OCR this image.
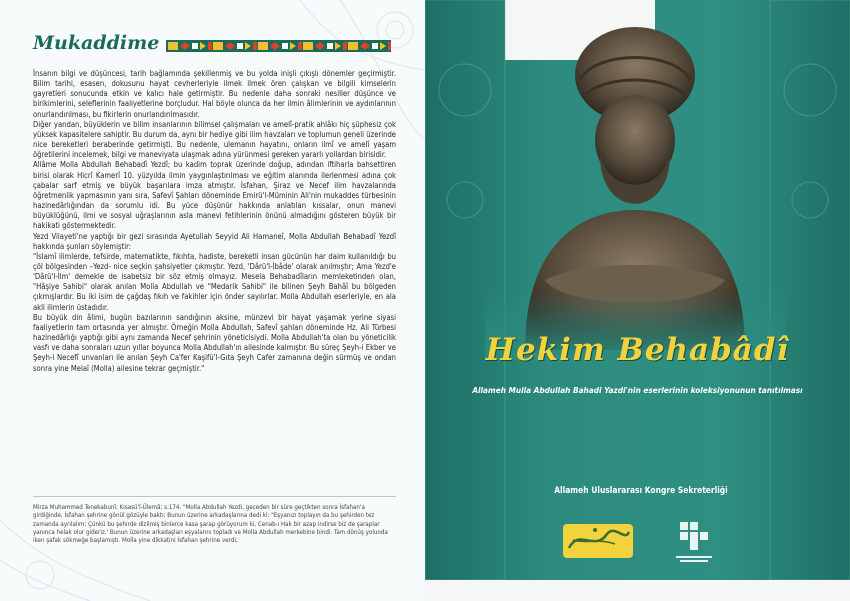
Mukaddime

İnsanın bilgi ve düşüncesi, tarih bağlamında şekillenmiş ve bu yolda inişli çıkışlı dönemler geçirmiştir. Bilim tarihi, esasen, dokusunu hayat cevherleriyle ilmek ilmek ören çalışkan ve bilgili kimselerin gayretleri sonucunda etkin ve kalıcı hale getirmiştir. Bu nedenle daha sonraki nesiller düşünce ve birikimlerini, seleflerinin faaliyetlerine borçludur. Hal böyle olunca da her ilmin âlimlerinin ve aydınlarının onurlandırılması, bu fikirlerin onurlandırılmasıdır.

Diğer yandan, büyüklerin ve bilim insanlarının bilimsel çalışmaları ve amelî-pratik ahlâkı hiç şüphesiz çok yüksek kapasitelere sahiptir. Bu durum da, aynı bir hediye gibi ilim havzaları ve toplumun geneli üzerinde nice bereketleri beraberinde getirmişti. Bu nedenle, ulemanın hayatını, onların ilmî ve amelî yaşam öğretilerini incelemek, bilgi ve maneviyata ulaşmak adına yürünmesi gereken yararlı yollardan birisidir.

Allâme Molla Abdullah Behabadî Yezdî; bu kadim toprak üzerinde doğup, adından iftiharla bahsettiren birisi olarak Hicrî Kamerî 10. yüzyılda ilmin yaygınlaştırılması ve eğitim alanında ilerlenmesi adına çok çabalar sarf etmiş ve büyük başarılara imza atmıştır. İsfahan, Şiraz ve Necef ilim havzalarında öğretmenlik yapmasının yanı sıra, Safevî Şahları döneminde Emirü'l-Müminin Ali'nin mukaddes türbesinin hazinedârlığından da sorumlu idi. Bu yüce düşünür hakkında anlatılan kıssalar, onun manevi büyüklüğünü, ilmi ve sosyal uğraşlarının asla manevi fetihlerinin önünü almadığını gösteren büyük bir hakikati göstermektedir.

Yezd Vilayeti'ne yaptığı bir gezi sırasında Ayetullah Seyyid Ali Hamaneî, Molla Abdullah Behabadî Yezdî hakkında şunları söylemiştir:

"İslamî ilimlerde, tefsirde, matematikte, fıkıhta, hadiste, bereketli insan gücünün har daim kullanıldığı bu çöl bölgesinden –Yezd- nice seçkin şahsiyetler çıkmıştır. Yezd, 'Dârü'l-İbâde' olarak anılmıştır; Ama Yezd'e 'Dârü'l-İlm' demekle de isabetsiz bir söz etmiş olmayız. Mesela Behabadîların memleketinden olan, "Hâşiye Sahibi" olarak anılan Molla Abdullah ve "Medarik Sahibi" ile bilinen Şeyh Bahâî bu bölgeden çıkmışlardır. Bu iki isim de çağdaş fıkıh ve fakihler için önder sayılırlar. Molla Abdullah eserleriyle, en ala akli ilimlerin üstadıdır.

Bu büyük din âlimi, bugün bazılarının sandığının aksine, münzevi bir hayat yaşamak yerine siyasi faaliyetlerin tam ortasında yer almıştır. Örneğin Molla Abdullah, Safevî şahları döneminde Hz. Ali Türbesi hazinedârlığı yaptığı gibi aynı zamanda Necef şehrinin yöneticisiydi. Molla Abdullah'ta olan bu yöneticilik vasfı ve daha sonraları uzun yıllar boyunca Molla Abdullah'ın ailesinde kalmıştır. Bu süreç Şeyh-i Ekber ve Şeyh-i Necefî unvanları ile anılan Şeyh Ca'fer Kaşifü'l-Gıta Şeyh Cafer zamanına değin sürmüş ve ondan sonra yine Melaî (Molla) ailesine tekrar geçmiştir."

Mirza Muhammed Tenekabunî; Kısasü'l-Ülemâ; s.174. "Molla Abdullah Yezdi, geceden bir süre geçtikten sonra İsfahan'a girdiğinde, İsfahan şehrine gönül gözüyle baktı; Bunun üzerine arkadaşlarına dedi ki: "Eşyanızı toplayın da bu şehirden tez zamanda ayrılalım; Çünkü bu şehirde dizilmiş binlerce kasa şarap görüyorum ki, Cenab-ı Hak bir azap indirse biz de şaraplar yanınca helak olur gideriz.' Bunun üzerine arkadaşları eşyalarını topladı ve Molla Abdullah merkebine bindi. Tam dönüş yolunda iken şafak sökmeğe başlamıştı. Molla yine dikkatini İsfahan şehrine verdi;
Hekim Behabâdî
Allameh Mulla Abdullah Bahadi Yazdi'nin eserlerinin koleksiyonunun tanıtılması
Allameh Uluslararası Kongre Sekreterliği
